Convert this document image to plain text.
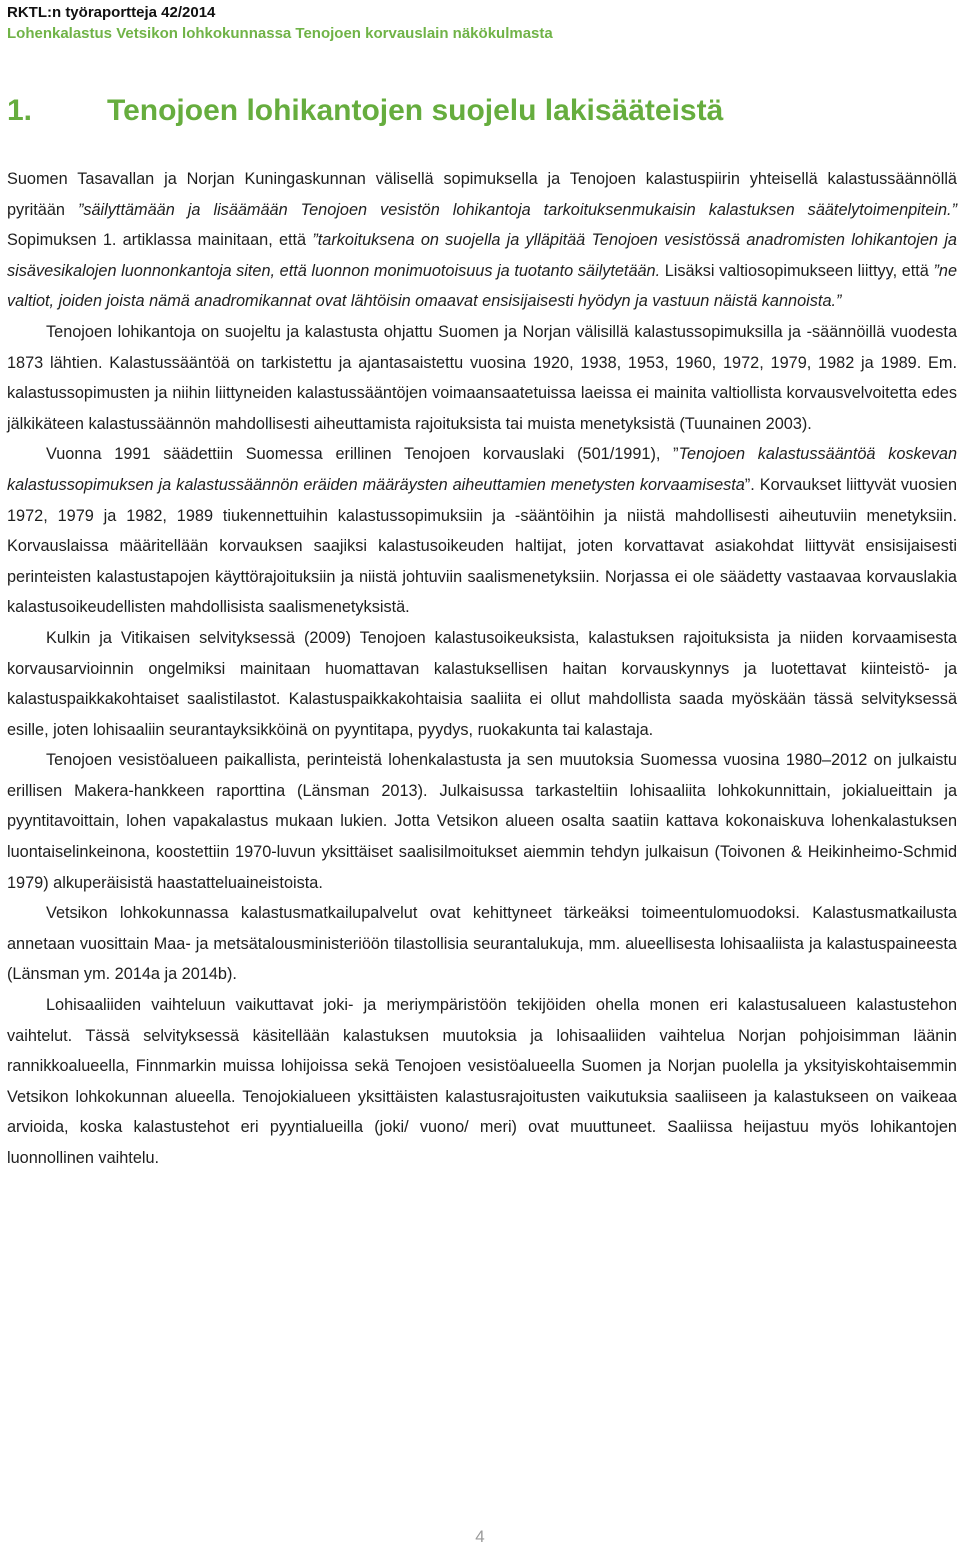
RKTL:n työraportteja 42/2014
Lohenkalastus Vetsikon lohkokunnassa Tenojoen korvauslain näkökulmasta
1. Tenojoen lohikantojen suojelu lakisääteistä

Suomen Tasavallan ja Norjan Kuningaskunnan välisellä sopimuksella ja Tenojoen kalastuspiirin yhteisellä kalastussäännöllä pyritään ”säilyttämään ja lisäämään Tenojoen vesistön lohikantoja tarkoituksenmukaisin kalastuksen säätelytoimenpitein.” Sopimuksen 1. artiklassa mainitaan, että ”tarkoituksena on suojella ja ylläpitää Tenojoen vesistössä anadromisten lohikantojen ja sisävesikalojen luonnonkantoja siten, että luonnon monimuotoisuus ja tuotanto säilytetään. Lisäksi valtiosopimukseen liittyy, että ”ne valtiot, joiden joista nämä anadromikannat ovat lähtöisin omaavat ensisijaisesti hyödyn ja vastuun näistä kannoista.”

Tenojoen lohikantoja on suojeltu ja kalastusta ohjattu Suomen ja Norjan välisillä kalastussopimuksilla ja -säännöillä vuodesta 1873 lähtien. Kalastussääntöä on tarkistettu ja ajantasaistettu vuosina 1920, 1938, 1953, 1960, 1972, 1979, 1982 ja 1989. Em. kalastussopimusten ja niihin liittyneiden kalastussääntöjen voimaansaatetuissa laeissa ei mainita valtiollista korvausvelvoitetta edes jälkikäteen kalastussäännön mahdollisesti aiheuttamista rajoituksista tai muista menetyksistä (Tuunainen 2003).

Vuonna 1991 säädettiin Suomessa erillinen Tenojoen korvauslaki (501/1991), ”Tenojoen kalastussääntöä koskevan kalastussopimuksen ja kalastussäännön eräiden määräysten aiheuttamien menetysten korvaamisesta”. Korvaukset liittyvät vuosien 1972, 1979 ja 1982, 1989 tiukennettuihin kalastussopimuksiin ja -sääntöihin ja niistä mahdollisesti aiheutuviin menetyksiin. Korvauslaissa määritellään korvauksen saajiksi kalastusoikeuden haltijat, joten korvattavat asiakohdat liittyvät ensisijaisesti perinteisten kalastustapojen käyttörajoituksiin ja niistä johtuviin saalismenetyksiin. Norjassa ei ole säädetty vastaavaa korvauslakia kalastusoikeudellisten mahdollisista saalismenetyksistä.

Kulkin ja Vitikaisen selvityksessä (2009) Tenojoen kalastusoikeuksista, kalastuksen rajoituksista ja niiden korvaamisesta korvausarvioinnin ongelmiksi mainitaan huomattavan kalastuksellisen haitan korvauskynnys ja luotettavat kiinteistö- ja kalastuspaikkakohtaiset saalistilastot. Kalastuspaikkakohtaisia saaliita ei ollut mahdollista saada myöskään tässä selvityksessä esille, joten lohisaaliin seurantayksikköinä on pyyntitapa, pyydys, ruokakunta tai kalastaja.

Tenojoen vesistöalueen paikallista, perinteistä lohenkalastusta ja sen muutoksia Suomessa vuosina 1980–2012 on julkaistu erillisen Makera-hankkeen raporttina (Länsman 2013). Julkaisussa tarkasteltiin lohisaaliita lohkokunnittain, jokialueittain ja pyyntitavoittain, lohen vapakalastus mukaan lukien. Jotta Vetsikon alueen osalta saatiin kattava kokonaiskuva lohenkalastuksen luontaiselinkeinona, koostettiin 1970-luvun yksittäiset saalisilmoitukset aiemmin tehdyn julkaisun (Toivonen & Heikinheimo-Schmid 1979) alkuperäisistä haastatteluaineistoista.

Vetsikon lohkokunnassa kalastusmatkailupalvelut ovat kehittyneet tärkeäksi toimeentulomuodoksi. Kalastusmatkailusta annetaan vuosittain Maa- ja metsätalousministeriöön tilastollisia seurantalukuja, mm. alueellisesta lohisaaliista ja kalastuspaineesta (Länsman ym. 2014a ja 2014b).

Lohisaaliiden vaihteluun vaikuttavat joki- ja meriympäristöön tekijöiden ohella monen eri kalastusalueen kalastustehon vaihtelut. Tässä selvityksessä käsitellään kalastuksen muutoksia ja lohisaaliiden vaihtelua Norjan pohjoisimman läänin rannikkoalueella, Finnmarkin muissa lohijoissa sekä Tenojoen vesistöalueella Suomen ja Norjan puolella ja yksityiskohtaisemmin Vetsikon lohkokunnan alueella. Tenojokialueen yksittäisten kalastusrajoitusten vaikutuksia saaliiseen ja kalastukseen on vaikeaa arvioida, koska kalastustehot eri pyyntialueilla (joki/ vuono/ meri) ovat muuttuneet. Saaliissa heijastuu myös lohikantojen luonnollinen vaihtelu.

4
